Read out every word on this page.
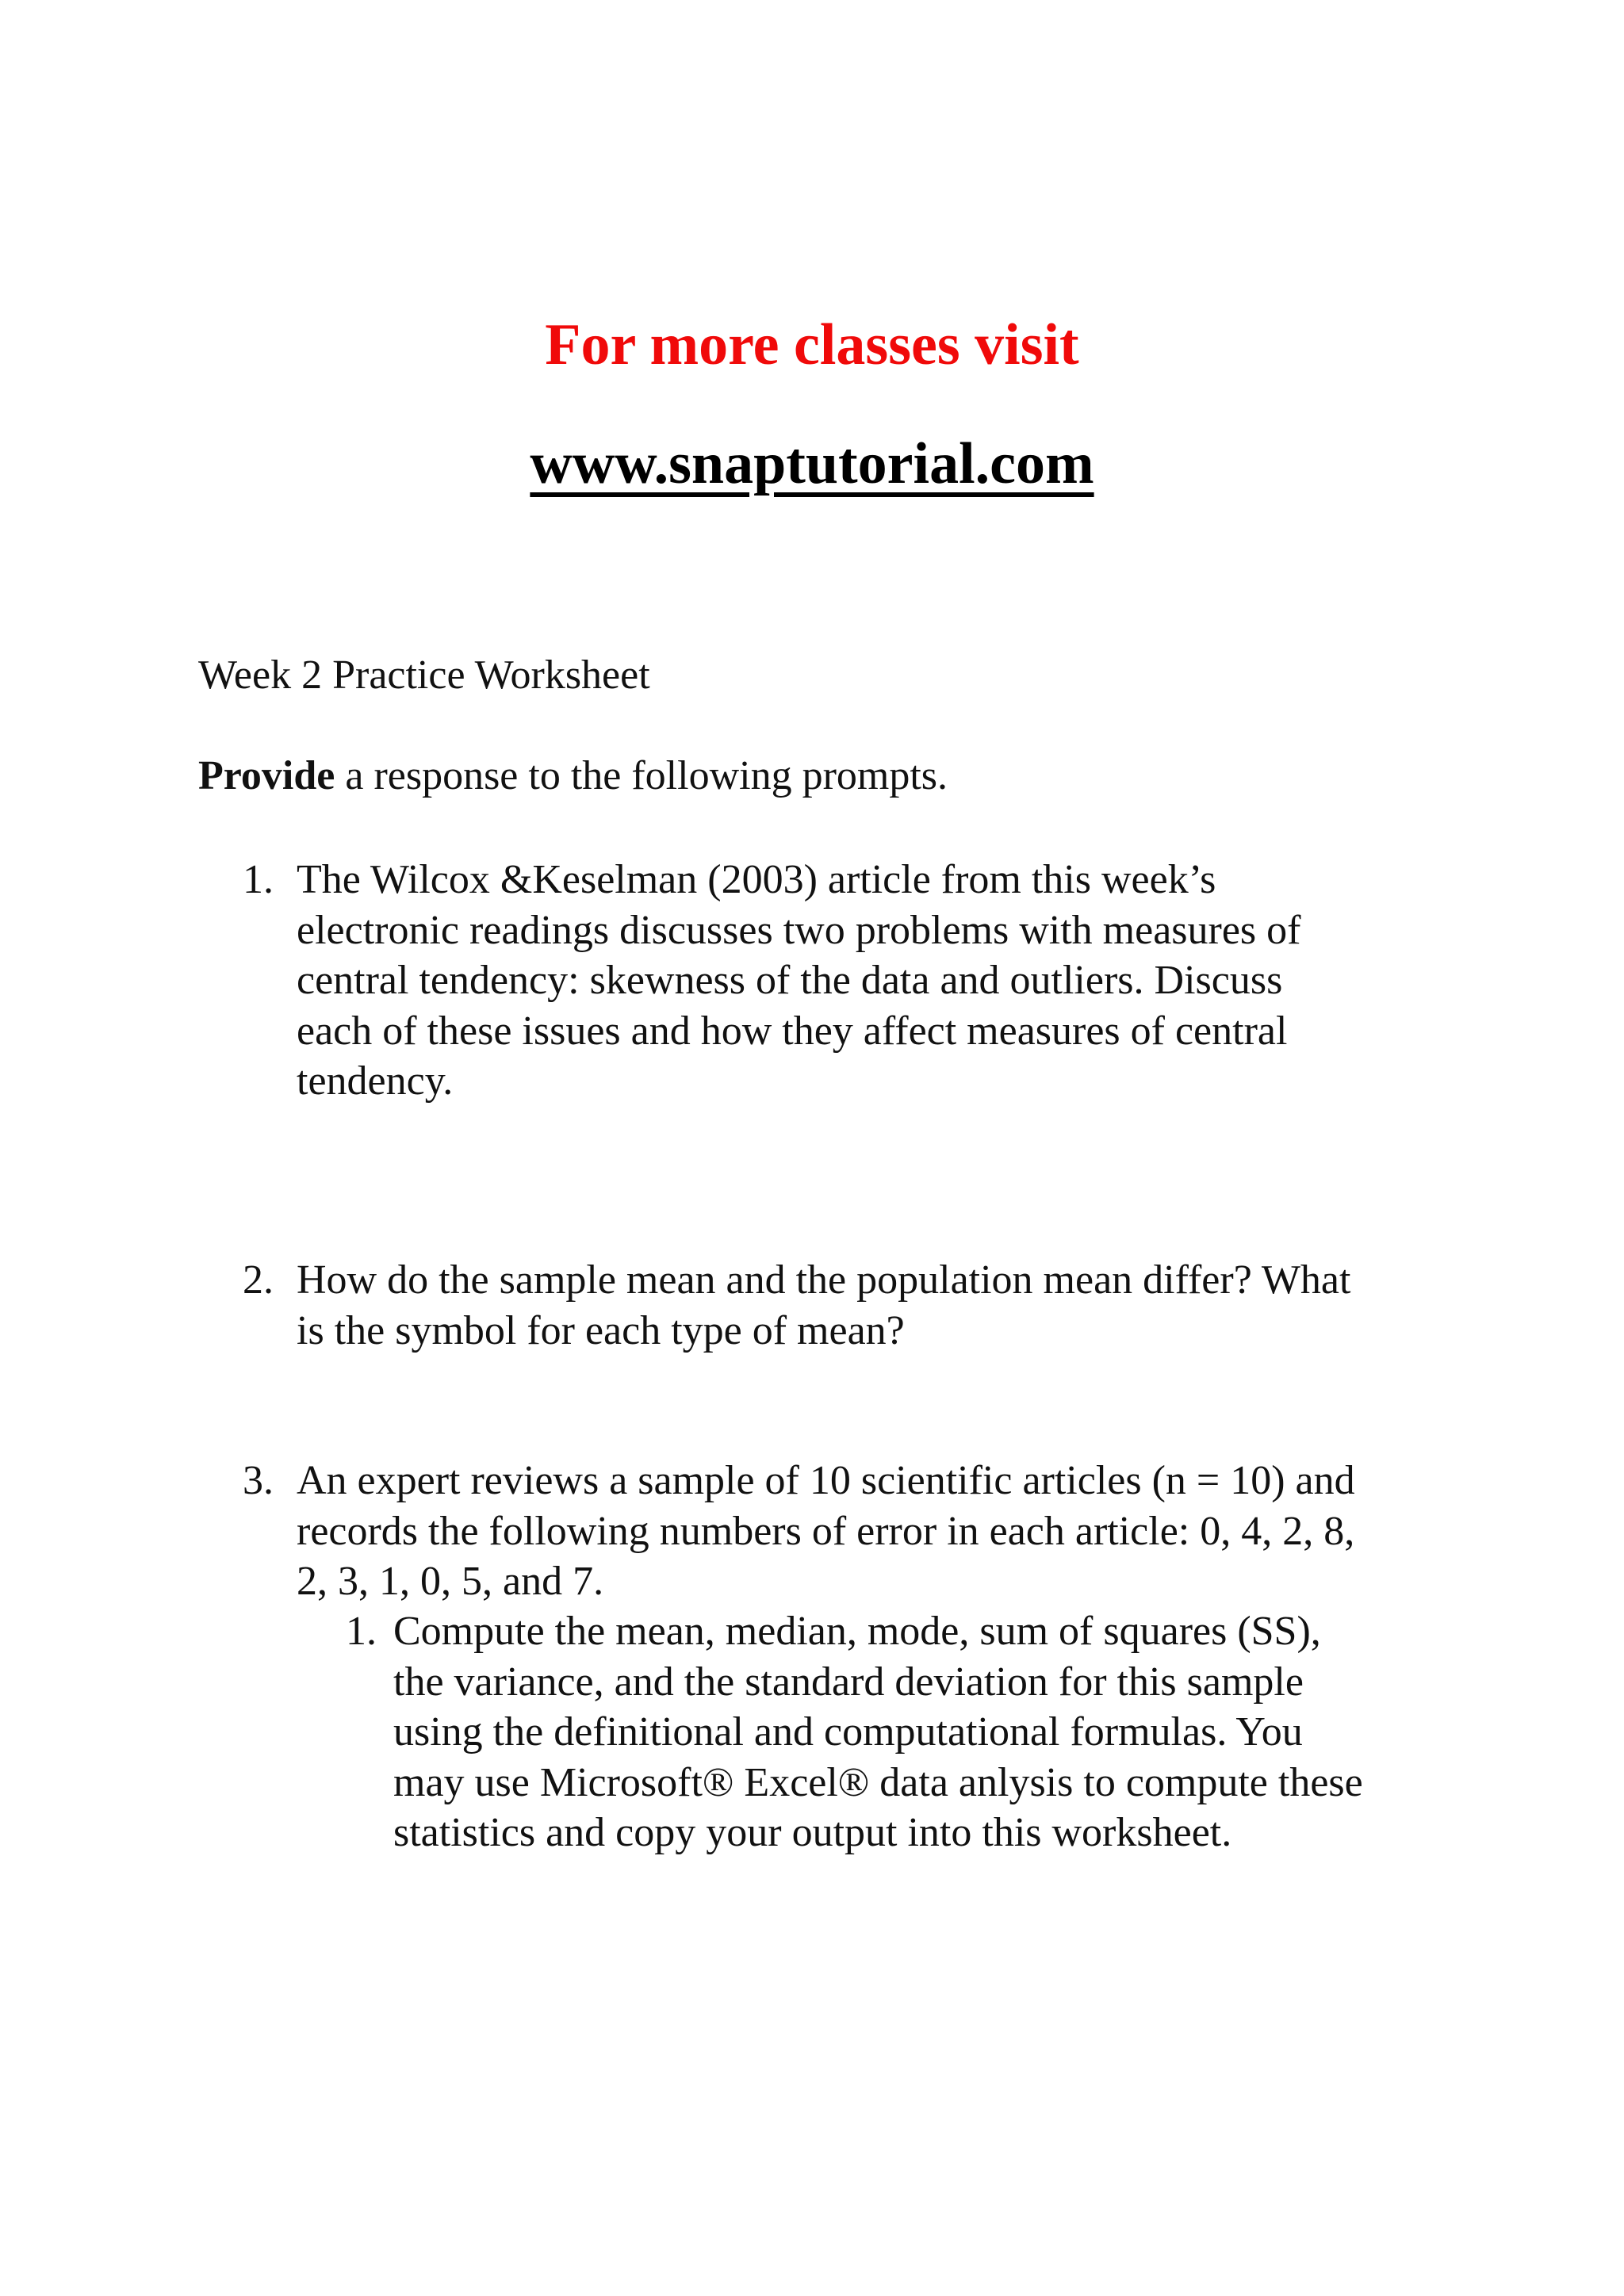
For more classes visit
www.snaptutorial.com
Week 2 Practice Worksheet
Provide a response to the following prompts.
1. The Wilcox &Keselman (2003) article from this week’s
electronic readings discusses two problems with measures of
central tendency: skewness of the data and outliers. Discuss
each of these issues and how they affect measures of central
tendency.
2. How do the sample mean and the population mean differ? What
is the symbol for each type of mean?
3. An expert reviews a sample of 10 scientific articles (n = 10) and
records the following numbers of error in each article: 0, 4, 2, 8,
2, 3, 1, 0, 5, and 7.
1. Compute the mean, median, mode, sum of squares (SS),
the variance, and the standard deviation for this sample
using the definitional and computational formulas. You
may use Microsoft® Excel® data anlysis to compute these
statistics and copy your output into this worksheet.
